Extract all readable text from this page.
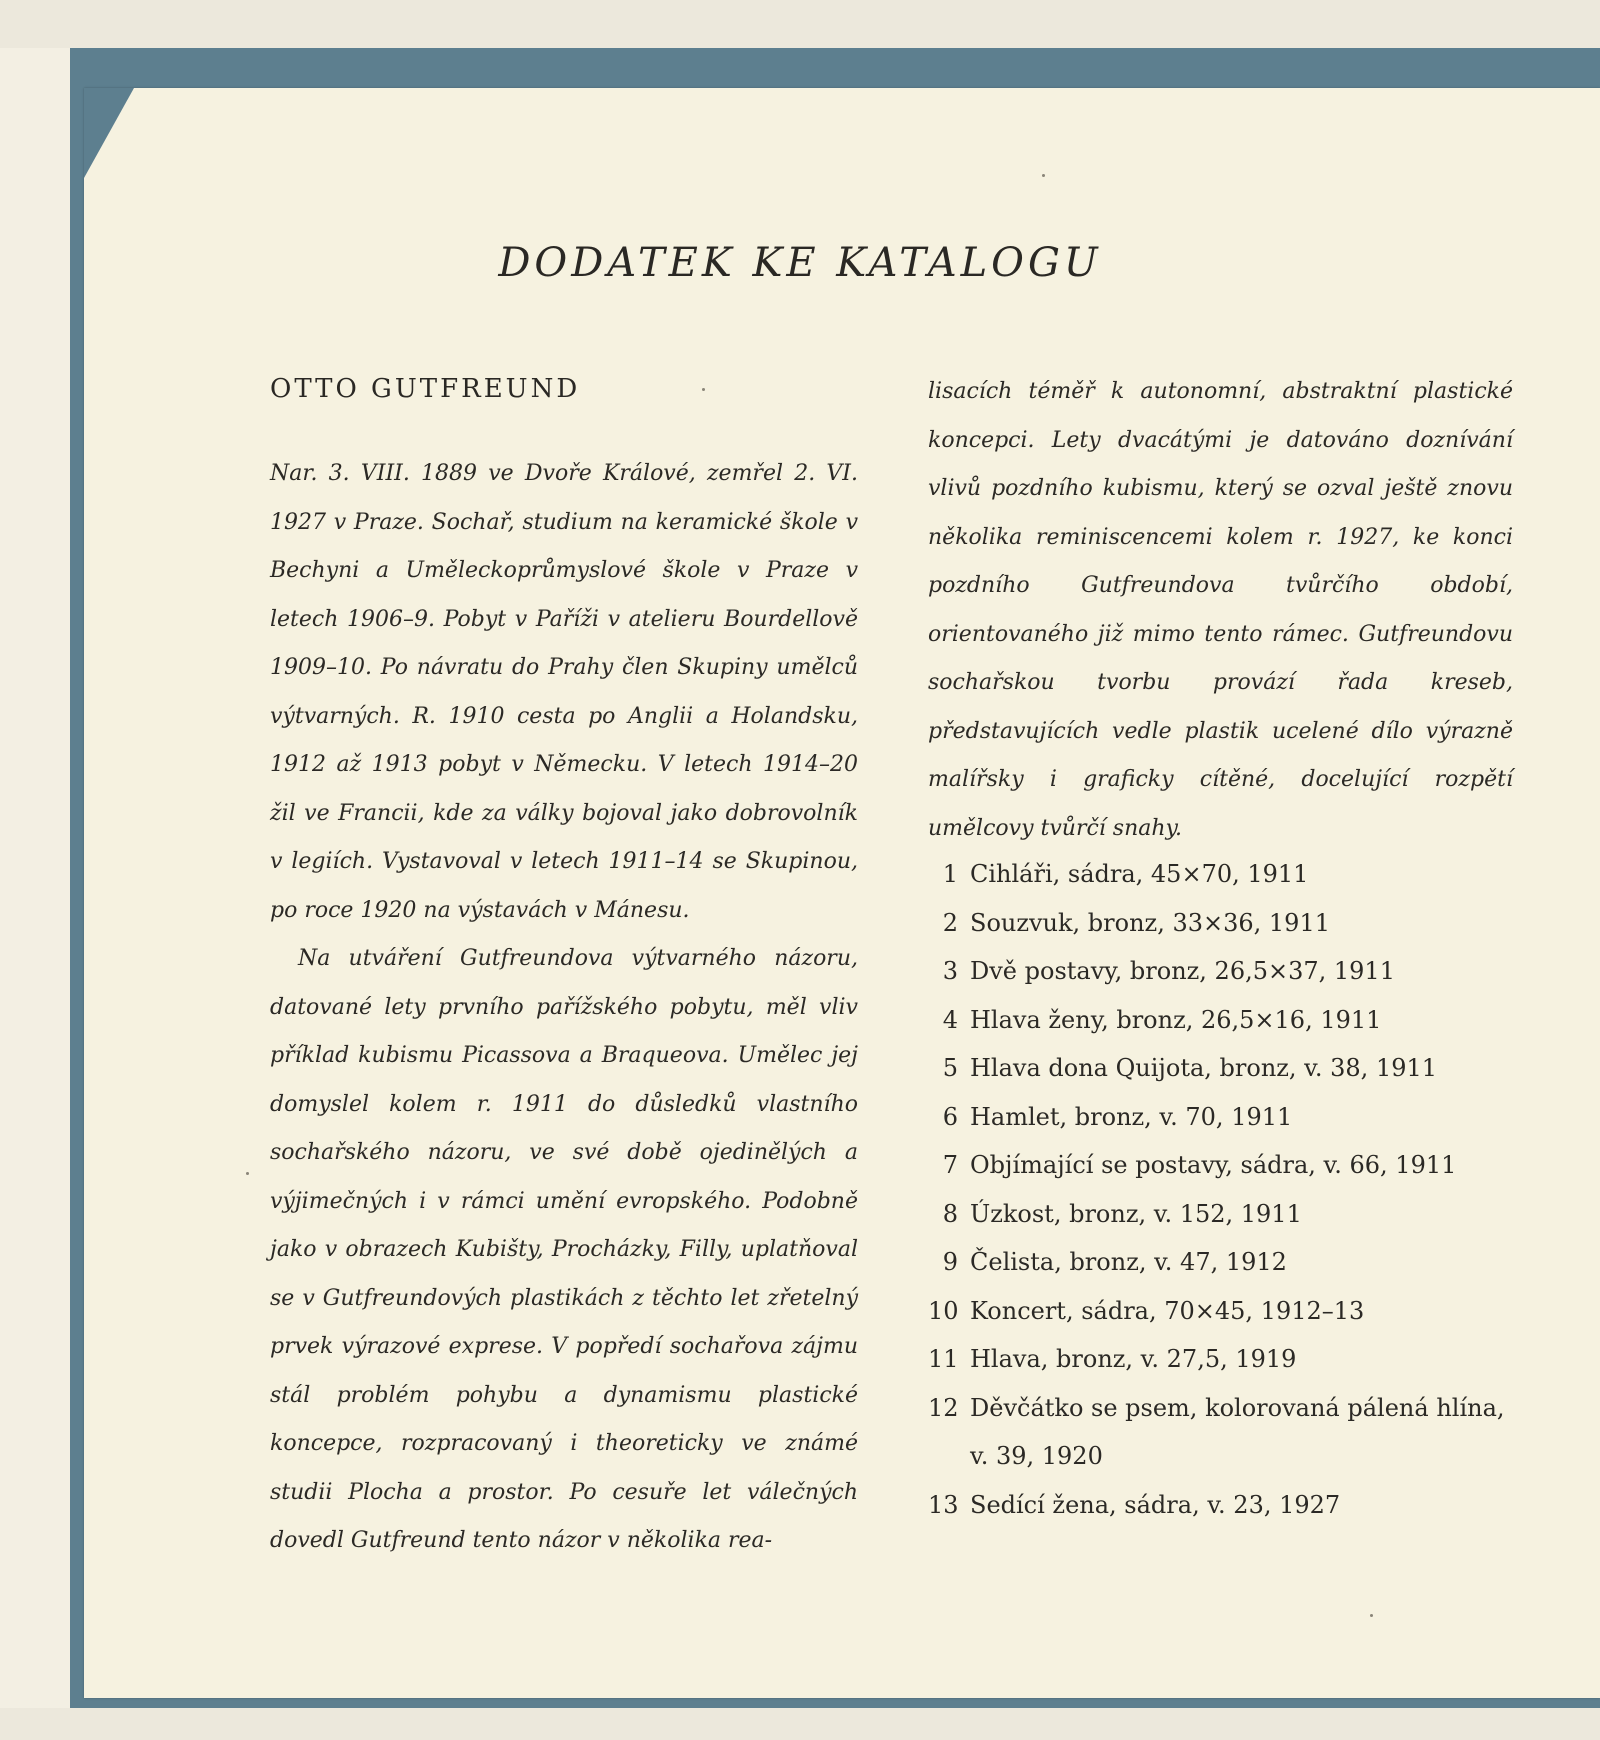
DODATEK KE KATALOGU
OTTO GUTFREUND

Nar. 3. VIII. 1889 ve Dvoře Králové, zemřel 2. VI. 1927 v Praze. Sochař, studium na keramické škole v Bechyni a Uměleckoprůmyslové škole v Praze v letech 1906–9. Pobyt v Paříži v atelieru Bourdellově 1909–10. Po návratu do Prahy člen Skupiny umělců výtvarných. R. 1910 cesta po Anglii a Holandsku, 1912 až 1913 pobyt v Německu. V letech 1914–20 žil ve Francii, kde za války bojoval jako dobrovolník v legiích. Vystavoval v letech 1911–14 se Skupinou, po roce 1920 na výstavách v Mánesu.

Na utváření Gutfreundova výtvarného názoru, datované lety prvního pařížského pobytu, měl vliv příklad kubismu Picassova a Braqueova. Umělec jej domyslel kolem r. 1911 do důsledků vlastního sochařského názoru, ve své době ojedinělých a výjimečných i v rámci umění evropského. Podobně jako v obrazech Kubišty, Procházky, Filly, uplatňoval se v Gutfreundových plastikách z těchto let zřetelný prvek výrazové exprese. V popředí sochařova zájmu stál problém pohybu a dynamismu plastické koncepce, rozpracovaný i theoreticky ve známé studii Plocha a prostor. Po cesuře let válečných dovedl Gutfreund tento názor v několika rea-

lisacích téměř k autonomní, abstraktní plastické koncepci. Lety dvacátými je datováno doznívání vlivů pozdního kubismu, který se ozval ještě znovu několika reminiscencemi kolem r. 1927, ke konci pozdního Gutfreundova tvůrčího období, orientovaného již mimo tento rámec. Gutfreundovu sochařskou tvorbu provází řada kreseb, představujících vedle plastik ucelené dílo výrazně malířsky i graficky cítěné, docelující rozpětí umělcovy tvůrčí snahy.

1 Cihláři, sádra, 45×70, 1911
2 Souzvuk, bronz, 33×36, 1911
3 Dvě postavy, bronz, 26,5×37, 1911
4 Hlava ženy, bronz, 26,5×16, 1911
5 Hlava dona Quijota, bronz, v. 38, 1911
6 Hamlet, bronz, v. 70, 1911
7 Objímající se postavy, sádra, v. 66, 1911
8 Úzkost, bronz, v. 152, 1911
9 Čelista, bronz, v. 47, 1912
10 Koncert, sádra, 70×45, 1912–13
11 Hlava, bronz, v. 27,5, 1919
12 Děvčátko se psem, kolorovaná pálená hlína, v. 39, 1920
13 Sedící žena, sádra, v. 23, 1927
